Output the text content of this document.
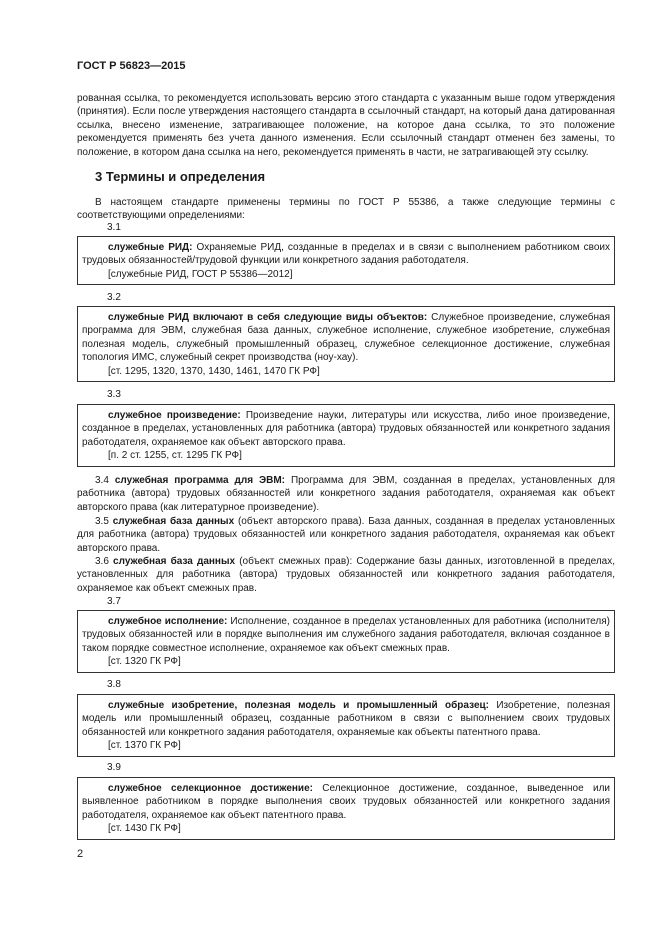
ГОСТ Р 56823—2015
рованная ссылка, то рекомендуется использовать версию этого стандарта с указанным выше годом утверждения (принятия). Если после утверждения настоящего стандарта в ссылочный стандарт, на который дана датированная ссылка, внесено изменение, затрагивающее положение, на которое дана ссылка, то это положение рекомендуется применять без учета данного изменения. Если ссылочный стандарт отменен без замены, то положение, в котором дана ссылка на него, рекомендуется применять в части, не затрагивающей эту ссылку.
3 Термины и определения
В настоящем стандарте применены термины по ГОСТ Р 55386, а также следующие термины с соответствующими определениями:
3.1
служебные РИД: Охраняемые РИД, созданные в пределах и в связи с выполнением работником своих трудовых обязанностей/трудовой функции или конкретного задания работодателя.
[служебные РИД, ГОСТ Р 55386—2012]
3.2
служебные РИД включают в себя следующие виды объектов: Служебное произведение, служебная программа для ЭВМ, служебная база данных, служебное исполнение, служебное изобретение, служебная полезная модель, служебный промышленный образец, служебное селекционное достижение, служебная топология ИМС, служебный секрет производства (ноу-хау).
[ст. 1295, 1320, 1370, 1430, 1461, 1470 ГК РФ]
3.3
служебное произведение: Произведение науки, литературы или искусства, либо иное произведение, созданное в пределах, установленных для работника (автора) трудовых обязанностей или конкретного задания работодателя, охраняемое как объект авторского права.
[п. 2 ст. 1255, ст. 1295 ГК РФ]
3.4 служебная программа для ЭВМ: Программа для ЭВМ, созданная в пределах, установленных для работника (автора) трудовых обязанностей или конкретного задания работодателя, охраняемая как объект авторского права (как литературное произведение).
3.5 служебная база данных (объект авторского права). База данных, созданная в пределах установленных для работника (автора) трудовых обязанностей или конкретного задания работодателя, охраняемая как объект авторского права.
3.6 служебная база данных (объект смежных прав): Содержание базы данных, изготовленной в пределах, установленных для работника (автора) трудовых обязанностей или конкретного задания работодателя, охраняемое как объект смежных прав.
3.7
служебное исполнение: Исполнение, созданное в пределах установленных для работника (исполнителя) трудовых обязанностей или в порядке выполнения им служебного задания работодателя, включая созданное в таком порядке совместное исполнение, охраняемое как объект смежных прав.
[ст. 1320 ГК РФ]
3.8
служебные изобретение, полезная модель и промышленный образец: Изобретение, полезная модель или промышленный образец, созданные работником в связи с выполнением своих трудовых обязанностей или конкретного задания работодателя, охраняемые как объекты патентного права.
[ст. 1370 ГК РФ]
3.9
служебное селекционное достижение: Селекционное достижение, созданное, выведенное или выявленное работником в порядке выполнения своих трудовых обязанностей или конкретного задания работодателя, охраняемое как объект патентного права.
[ст. 1430 ГК РФ]
2
